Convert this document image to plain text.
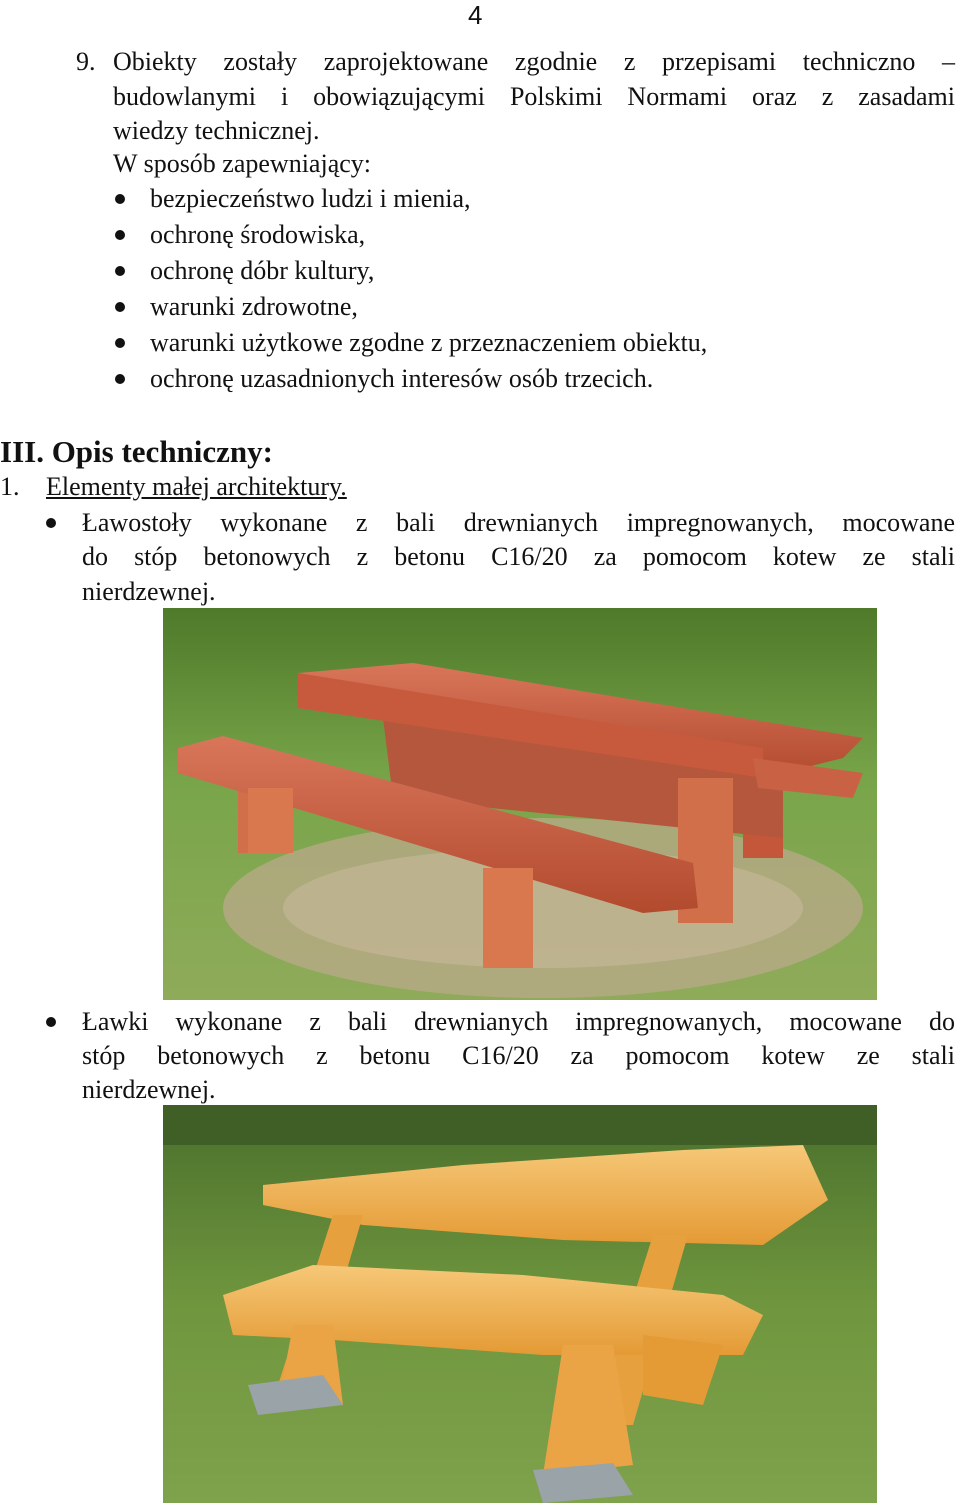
4
9. Obiekty zostały zaprojektowane zgodnie z przepisami techniczno –
budowlanymi i obowiązującymi Polskimi Normami oraz z zasadami
wiedzy technicznej.
W sposób zapewniający:
bezpieczeństwo ludzi i mienia,
ochronę środowiska,
ochronę dóbr kultury,
warunki zdrowotne,
warunki użytkowe zgodne z przeznaczeniem obiektu,
ochronę uzasadnionych interesów osób trzecich.
III. Opis techniczny:
1. Elementy małej architektury.
Ławostoły wykonane z bali drewnianych impregnowanych, mocowane
do stóp betonowych z betonu C16/20 za pomocom kotew ze stali
nierdzewnej.
Ławki wykonane z bali drewnianych impregnowanych, mocowane do
stóp betonowych z betonu C16/20 za pomocom kotew ze stali
nierdzewnej.
